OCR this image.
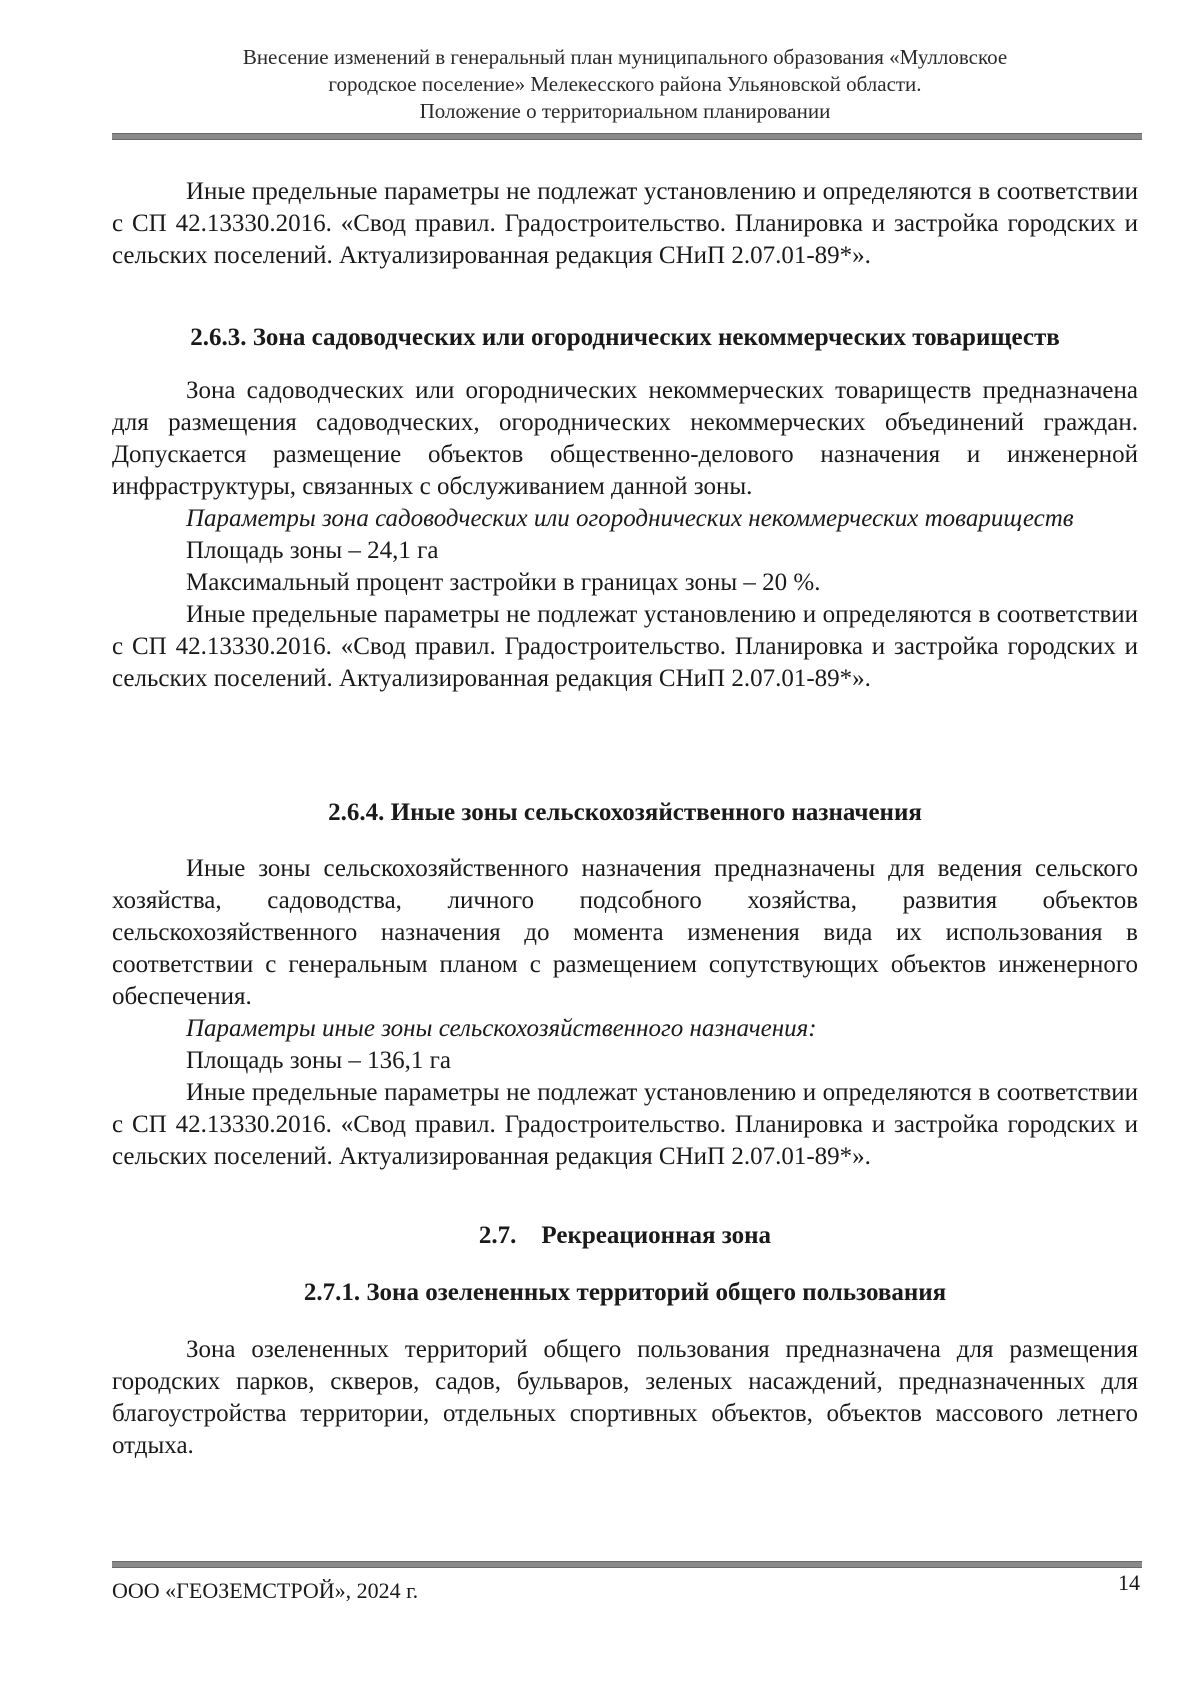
Внесение изменений в генеральный план муниципального образования «Мулловское
городское поселение» Мелекесского района Ульяновской области.
Положение о территориальном планировании

Иные предельные параметры не подлежат установлению и определяются в соответствии с СП 42.13330.2016. «Свод правил. Градостроительство. Планировка и застройка городских и сельских поселений. Актуализированная редакция СНиП 2.07.01-89*».

2.6.3. Зона садоводческих или огороднических некоммерческих товариществ

Зона садоводческих или огороднических некоммерческих товариществ предназначена для размещения садоводческих, огороднических некоммерческих объединений граждан. Допускается размещение объектов общественно-делового назначения и инженерной инфраструктуры, связанных с обслуживанием данной зоны.

Параметры зона садоводческих или огороднических некоммерческих товариществ

Площадь зоны – 24,1 га

Максимальный процент застройки в границах зоны – 20 %.

Иные предельные параметры не подлежат установлению и определяются в соответствии с СП 42.13330.2016. «Свод правил. Градостроительство. Планировка и застройка городских и сельских поселений. Актуализированная редакция СНиП 2.07.01-89*».

2.6.4. Иные зоны сельскохозяйственного назначения

Иные зоны сельскохозяйственного назначения предназначены для ведения сельского хозяйства, садоводства, личного подсобного хозяйства, развития объектов сельскохозяйственного назначения до момента изменения вида их использования в соответствии с генеральным планом с размещением сопутствующих объектов инженерного обеспечения.

Параметры иные зоны сельскохозяйственного назначения:

Площадь зоны – 136,1 га

Иные предельные параметры не подлежат установлению и определяются в соответствии с СП 42.13330.2016. «Свод правил. Градостроительство. Планировка и застройка городских и сельских поселений. Актуализированная редакция СНиП 2.07.01-89*».

2.7.    Рекреационная зона

2.7.1. Зона озелененных территорий общего пользования

Зона озелененных территорий общего пользования предназначена для размещения городских парков, скверов, садов, бульваров, зеленых насаждений, предназначенных для благоустройства территории, отдельных спортивных объектов, объектов массового летнего отдыха.

ООО «ГЕОЗЕМСТРОЙ», 2024 г.	14
